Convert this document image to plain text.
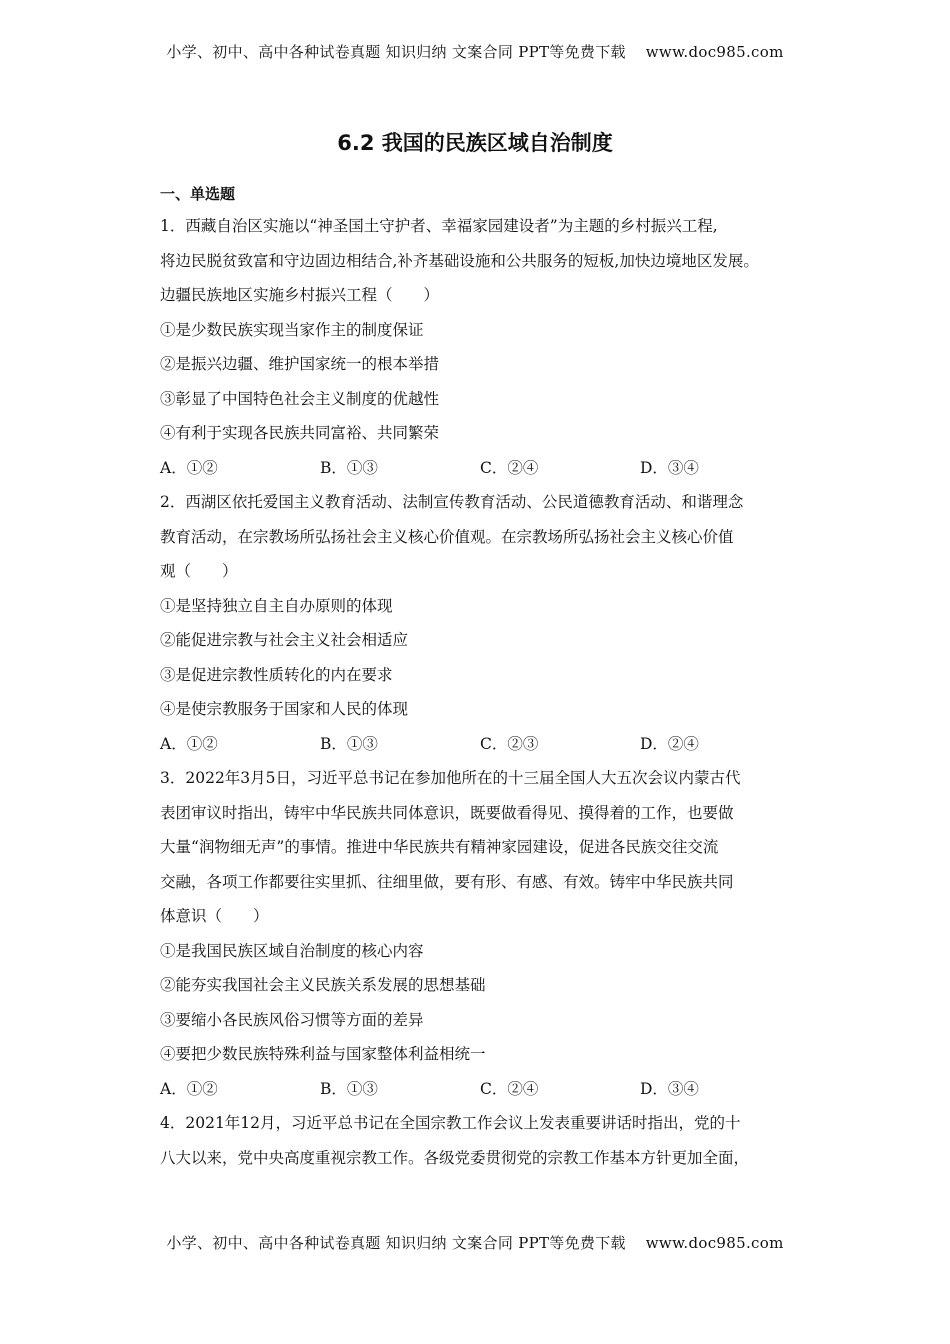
小学、初中、高中各种试卷真题 知识归纳 文案合同 PPT等免费下载 www.doc985.com
6.2 我国的民族区域自治制度
一、单选题
1．西藏自治区实施以“神圣国土守护者、幸福家园建设者”为主题的乡村振兴工程,
将边民脱贫致富和守边固边相结合,补齐基础设施和公共服务的短板,加快边境地区发展。
边疆民族地区实施乡村振兴工程（　　）
①是少数民族实现当家作主的制度保证
②是振兴边疆、维护国家统一的根本举措
③彰显了中国特色社会主义制度的优越性
④有利于实现各民族共同富裕、共同繁荣
A．①②	B．①③	C．②④	D．③④
2．西湖区依托爱国主义教育活动、法制宣传教育活动、公民道德教育活动、和谐理念
教育活动，在宗教场所弘扬社会主义核心价值观。在宗教场所弘扬社会主义核心价值
观（　　）
①是坚持独立自主自办原则的体现
②能促进宗教与社会主义社会相适应
③是促进宗教性质转化的内在要求
④是使宗教服务于国家和人民的体现
A．①②	B．①③	C．②③	D．②④
3．2022年3月5日，习近平总书记在参加他所在的十三届全国人大五次会议内蒙古代
表团审议时指出，铸牢中华民族共同体意识，既要做看得见、摸得着的工作，也要做
大量“润物细无声”的事情。推进中华民族共有精神家园建设，促进各民族交往交流
交融，各项工作都要往实里抓、往细里做，要有形、有感、有效。铸牢中华民族共同
体意识（　　）
①是我国民族区域自治制度的核心内容
②能夯实我国社会主义民族关系发展的思想基础
③要缩小各民族风俗习惯等方面的差异
④要把少数民族特殊利益与国家整体利益相统一
A．①②	B．①③	C．②④	D．③④
4．2021年12月，习近平总书记在全国宗教工作会议上发表重要讲话时指出，党的十
八大以来，党中央高度重视宗教工作。各级党委贯彻党的宗教工作基本方针更加全面，
小学、初中、高中各种试卷真题 知识归纳 文案合同 PPT等免费下载 www.doc985.com
